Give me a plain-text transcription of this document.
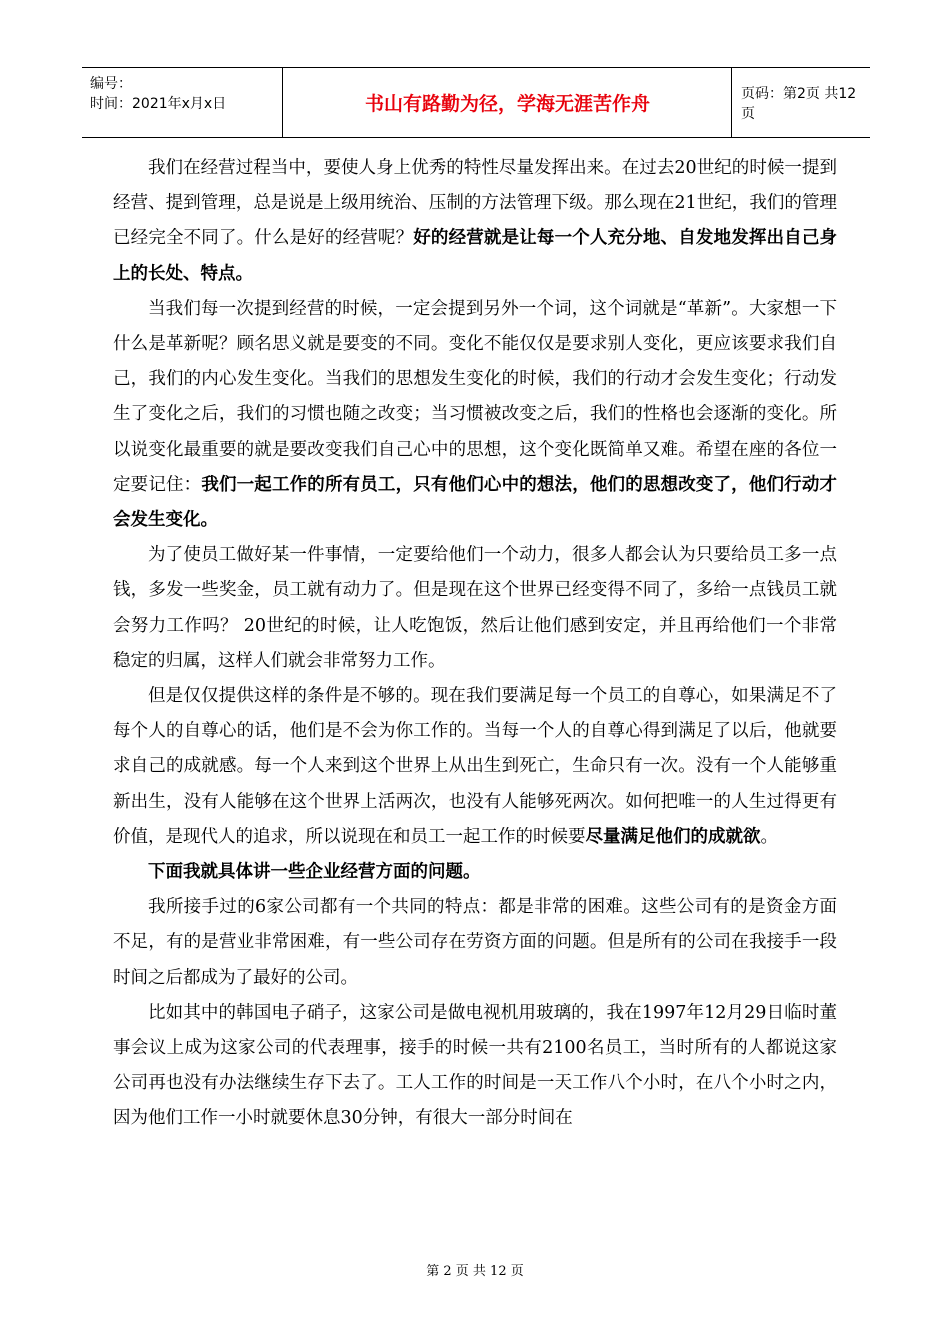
编号：
时间：2021年x月x日	书山有路勤为径，学海无涯苦作舟	页码：第2页 共12页

我们在经营过程当中，要使人身上优秀的特性尽量发挥出来。在过去20世纪的时候一提到经营、提到管理，总是说是上级用统治、压制的方法管理下级。那么现在21世纪，我们的管理已经完全不同了。什么是好的经营呢？好的经营就是让每一个人充分地、自发地发挥出自己身上的长处、特点。

当我们每一次提到经营的时候，一定会提到另外一个词，这个词就是“革新”。大家想一下什么是革新呢？顾名思义就是要变的不同。变化不能仅仅是要求别人变化，更应该要求我们自己，我们的内心发生变化。当我们的思想发生变化的时候，我们的行动才会发生变化；行动发生了变化之后，我们的习惯也随之改变；当习惯被改变之后，我们的性格也会逐渐的变化。所以说变化最重要的就是要改变我们自己心中的思想，这个变化既简单又难。希望在座的各位一定要记住：我们一起工作的所有员工，只有他们心中的想法，他们的思想改变了，他们行动才会发生变化。

为了使员工做好某一件事情，一定要给他们一个动力，很多人都会认为只要给员工多一点钱，多发一些奖金，员工就有动力了。但是现在这个世界已经变得不同了，多给一点钱员工就会努力工作吗？ 20世纪的时候，让人吃饱饭，然后让他们感到安定，并且再给他们一个非常稳定的归属，这样人们就会非常努力工作。

但是仅仅提供这样的条件是不够的。现在我们要满足每一个员工的自尊心，如果满足不了每个人的自尊心的话，他们是不会为你工作的。当每一个人的自尊心得到满足了以后，他就要求自己的成就感。每一个人来到这个世界上从出生到死亡，生命只有一次。没有一个人能够重新出生，没有人能够在这个世界上活两次，也没有人能够死两次。如何把唯一的人生过得更有价值，是现代人的追求，所以说现在和员工一起工作的时候要尽量满足他们的成就欲。

下面我就具体讲一些企业经营方面的问题。

我所接手过的6家公司都有一个共同的特点：都是非常的困难。这些公司有的是资金方面不足，有的是营业非常困难，有一些公司存在劳资方面的问题。但是所有的公司在我接手一段时间之后都成为了最好的公司。

比如其中的韩国电子硝子，这家公司是做电视机用玻璃的，我在1997年12月29日临时董事会议上成为这家公司的代表理事，接手的时候一共有2100名员工，当时所有的人都说这家公司再也没有办法继续生存下去了。工人工作的时间是一天工作八个小时，在八个小时之内，因为他们工作一小时就要休息30分钟，有很大一部分时间在

第 2 页 共 12 页
